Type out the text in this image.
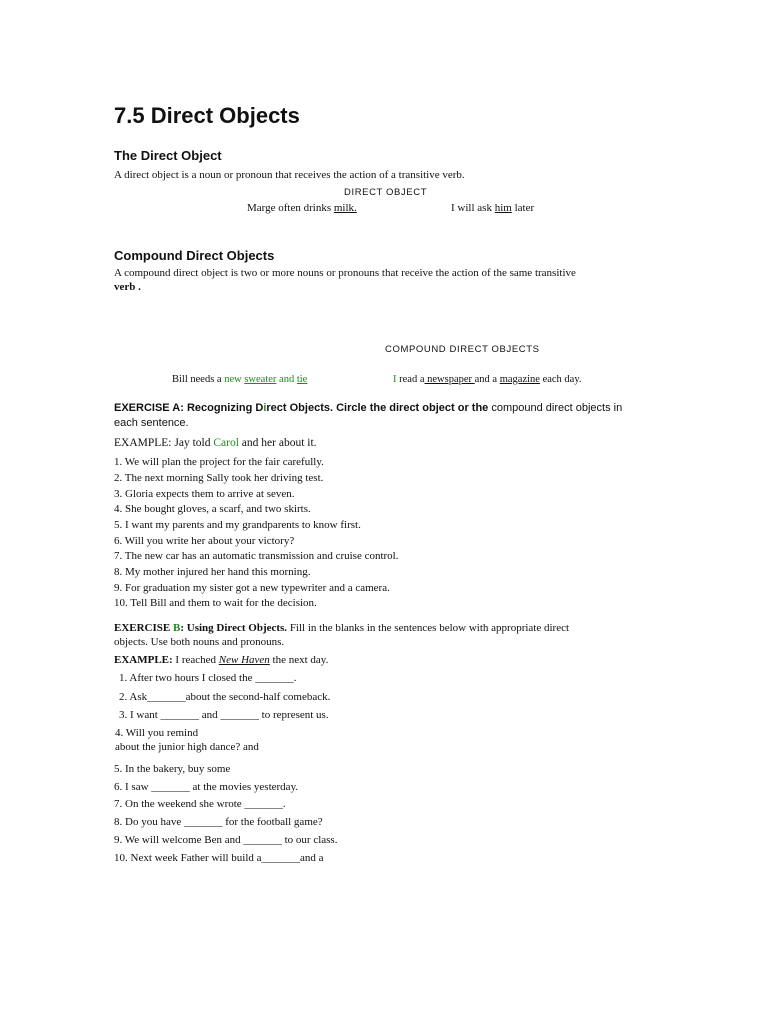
7.5 Direct Objects
The Direct Object
A direct object is a noun or pronoun that receives the action of a transitive verb.
DIRECT OBJECT
Marge often drinks milk.	I will ask him later
Compound Direct Objects
A compound direct object is two or more nouns or pronouns that receive the action of the same transitive
verb .
COMPOUND DIRECT OBJECTS
Bill needs a new sweater and tie	I read a newspaper and a magazine each day.
EXERCISE A: Recognizing Direct Objects. Circle the direct object or the compound direct objects in
each sentence.
EXAMPLE: Jay told Carol and her about it.
1. We will plan the project for the fair carefully.
2. The next morning Sally took her driving test.
3. Gloria expects them to arrive at seven.
4. She bought gloves, a scarf, and two skirts.
5. I want my parents and my grandparents to know first.
6. Will you write her about your victory?
7. The new car has an automatic transmission and cruise control.
8. My mother injured her hand this morning.
9. For graduation my sister got a new typewriter and a camera.
10. Tell Bill and them to wait for the decision.
EXERCISE B: Using Direct Objects. Fill in the blanks in the sentences below with appropriate direct
objects. Use both nouns and pronouns.
EXAMPLE: I reached New Haven the next day.
1. After two hours I closed the _______.
2. Ask_______about the second-half comeback.
3. I want _______ and _______ to represent us.
4. Will you remind
about the junior high dance? and
5. In the bakery, buy some
6. I saw _______ at the movies yesterday.
7. On the weekend she wrote _______.
8. Do you have _______ for the football game?
9. We will welcome Ben and _______ to our class.
10. Next week Father will build a_______and a
